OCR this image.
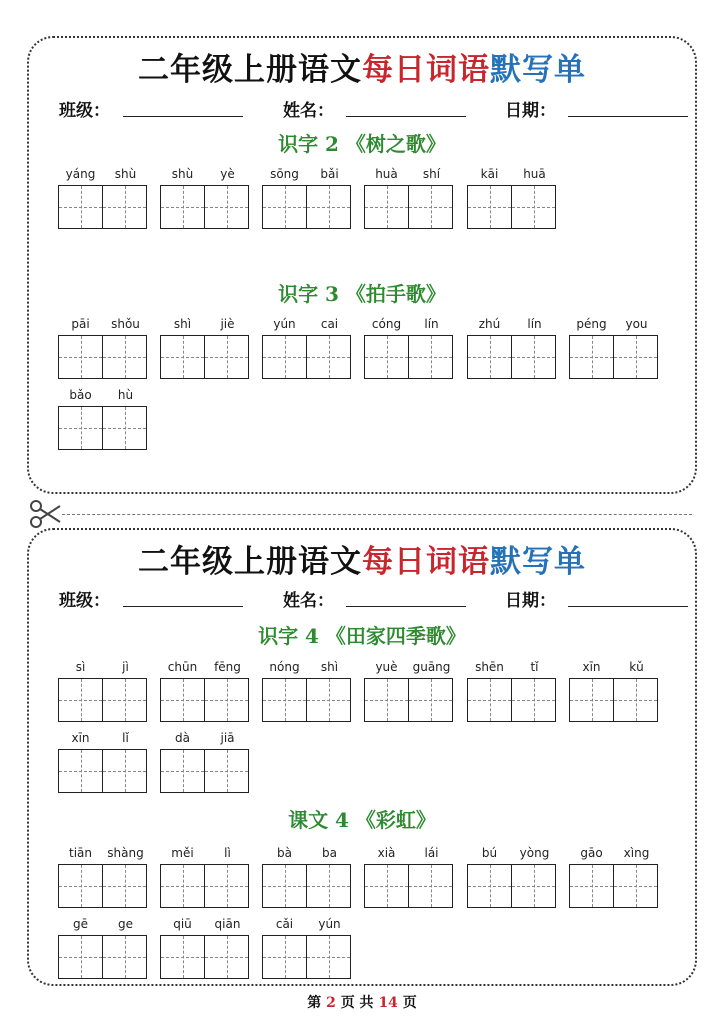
二年级上册语文每日词语默写单
班级：	姓名：	日期：
识字 2 《树之歌》
识字 3 《拍手歌》
二年级上册语文每日词语默写单
班级：	姓名：	日期：
识字 4 《田家四季歌》
课文 4 《彩虹》
第 2 页 共 14 页
yáng	shù	shù	yè	sōng	bǎi	huà	shí	kāi	huā
pāi	shǒu	shì	jiè	yún	cai	cóng	lín	zhú	lín	péng	you
bǎo	hù
sì	jì	chūn	fēng	nóng	shì	yuè	guāng	shēn	tǐ	xīn	kǔ
xīn	lǐ	dà	jiā
tiān	shàng	měi	lì	bà	ba	xià	lái	bú	yòng	gāo	xìng
gē	ge	qiū	qiān	cǎi	yún
